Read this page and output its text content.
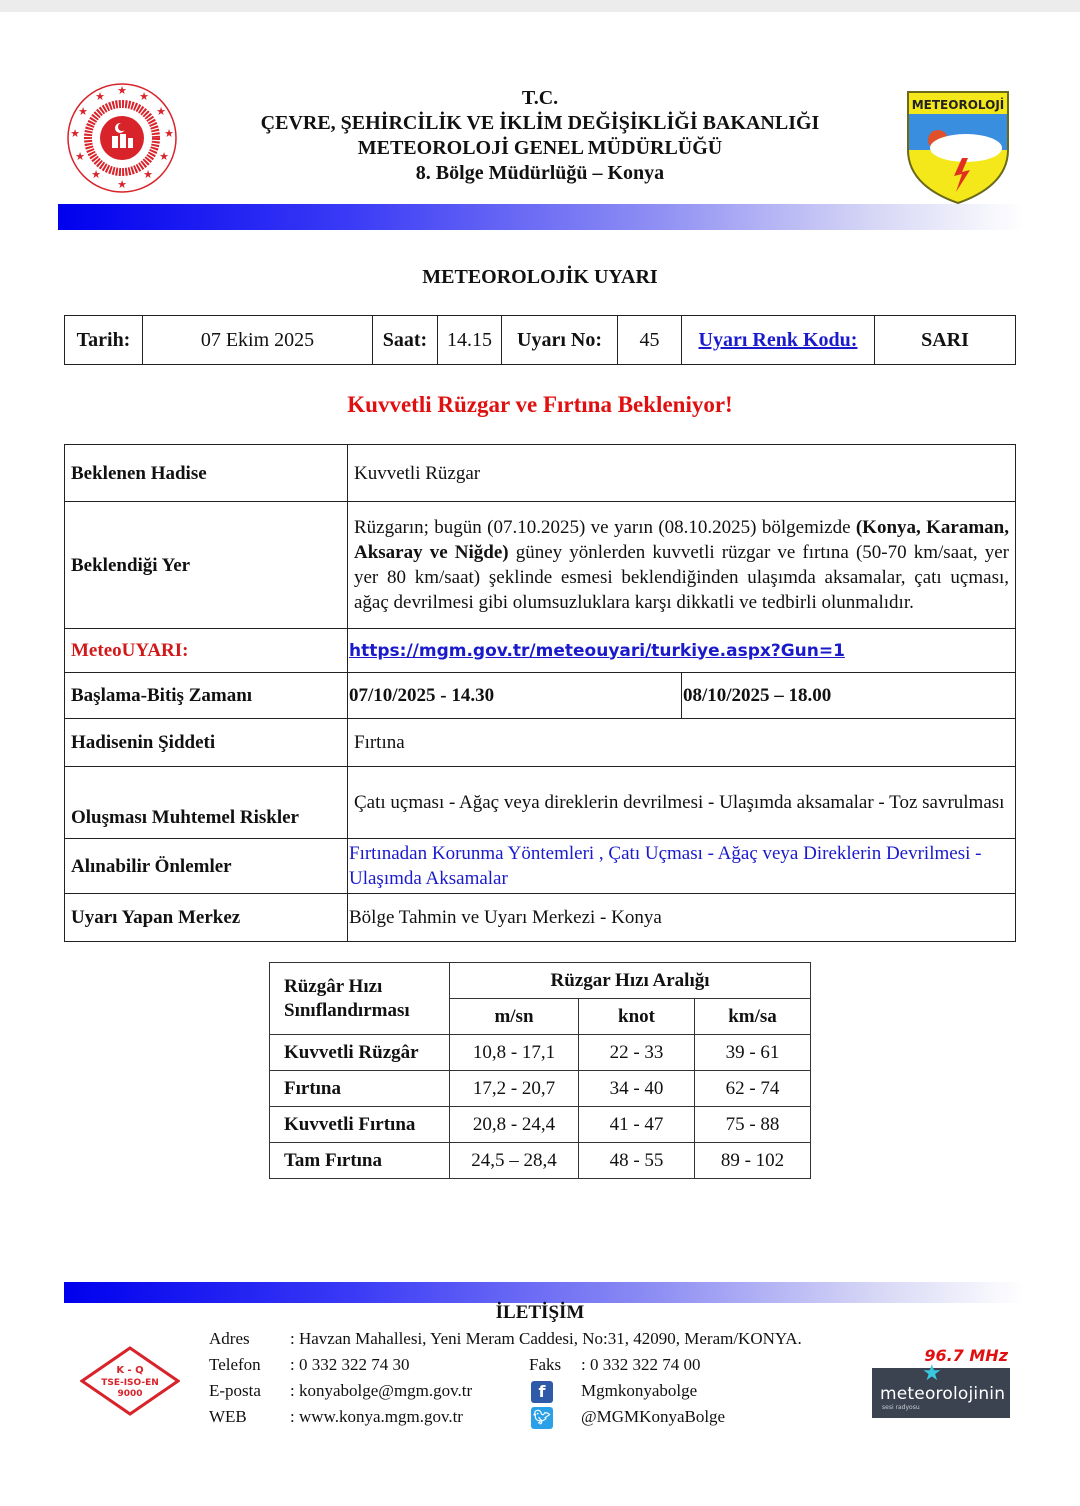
★ ★
★
★
★
★
★
★
★
★
★
★	T.C.
ÇEVRE, ŞEHİRCİLİK VE İKLİM DEĞİŞİKLİĞİ BAKANLIĞI
METEOROLOJİ GENEL MÜDÜRLÜĞÜ
8. Bölge Müdürlüğü – Konya
METEOROLOJİ
METEOROLOJİK UYARI
Tarih:	07 Ekim 2025	Saat:	14.15	Uyarı No:	45	Uyarı Renk Kodu:	SARI
Kuvvetli Rüzgar ve Fırtına Bekleniyor!
Beklenen Hadise	Kuvvetli Rüzgar	
Beklendiği Yer	Rüzgarın; bugün (07.10.2025) ve yarın (08.10.2025) bölgemizde (Konya, Karaman, Aksaray ve Niğde) güney yönlerden kuvvetli rüzgar ve fırtına (50-70 km/saat, yer yer 80 km/saat) şeklinde esmesi beklendiğinden ulaşımda aksamalar, çatı uçması, ağaç devrilmesi gibi olumsuzluklara karşı dikkatli ve tedbirli olunmalıdır.	
MeteoUYARI:	https://mgm.gov.tr/meteouyari/turkiye.aspx?Gun=1	
Başlama-Bitiş Zamanı	07/10/2025 - 14.30	08/10/2025 – 18.00
Hadisenin Şiddeti	Fırtına	
Oluşması Muhtemel Riskler	Çatı uçması - Ağaç veya direklerin devrilmesi - Ulaşımda aksamalar - Toz savrulması	
Alınabilir Önlemler	Fırtınadan Korunma Yöntemleri , Çatı Uçması - Ağaç veya Direklerin Devrilmesi - Ulaşımda Aksamalar	
Uyarı Yapan Merkez	Bölge Tahmin ve Uyarı Merkezi - Konya	
Rüzgâr Hızı Sınıflandırması	Rüzgar Hızı Aralığı		
	m/sn	knot	km/sa
Kuvvetli Rüzgâr	10,8 - 17,1	22 - 33	39 - 61
Fırtına	17,2 - 20,7	34 - 40	62 - 74
Kuvvetli Fırtına	20,8 - 24,4	41 - 47	75 - 88
Tam Fırtına	24,5 – 28,4	48 - 55	89 - 102
İLETİŞİM
K - Q
TSE-ISO-EN
9000
Adres : Havzan Mahallesi, Yeni Meram Caddesi, No:31, 42090, Meram/KONYA.
Telefon : 0 332 322 74 30	Faks : 0 332 322 74 00
E-posta : konyabolge@mgm.gov.tr	f	Mgmkonyabolge
WEB	: www.konya.mgm.gov.tr	🐦︎ @MGMKonyaBolge
96.7 MHz
★
meteorolojinin
sesi radyosu
